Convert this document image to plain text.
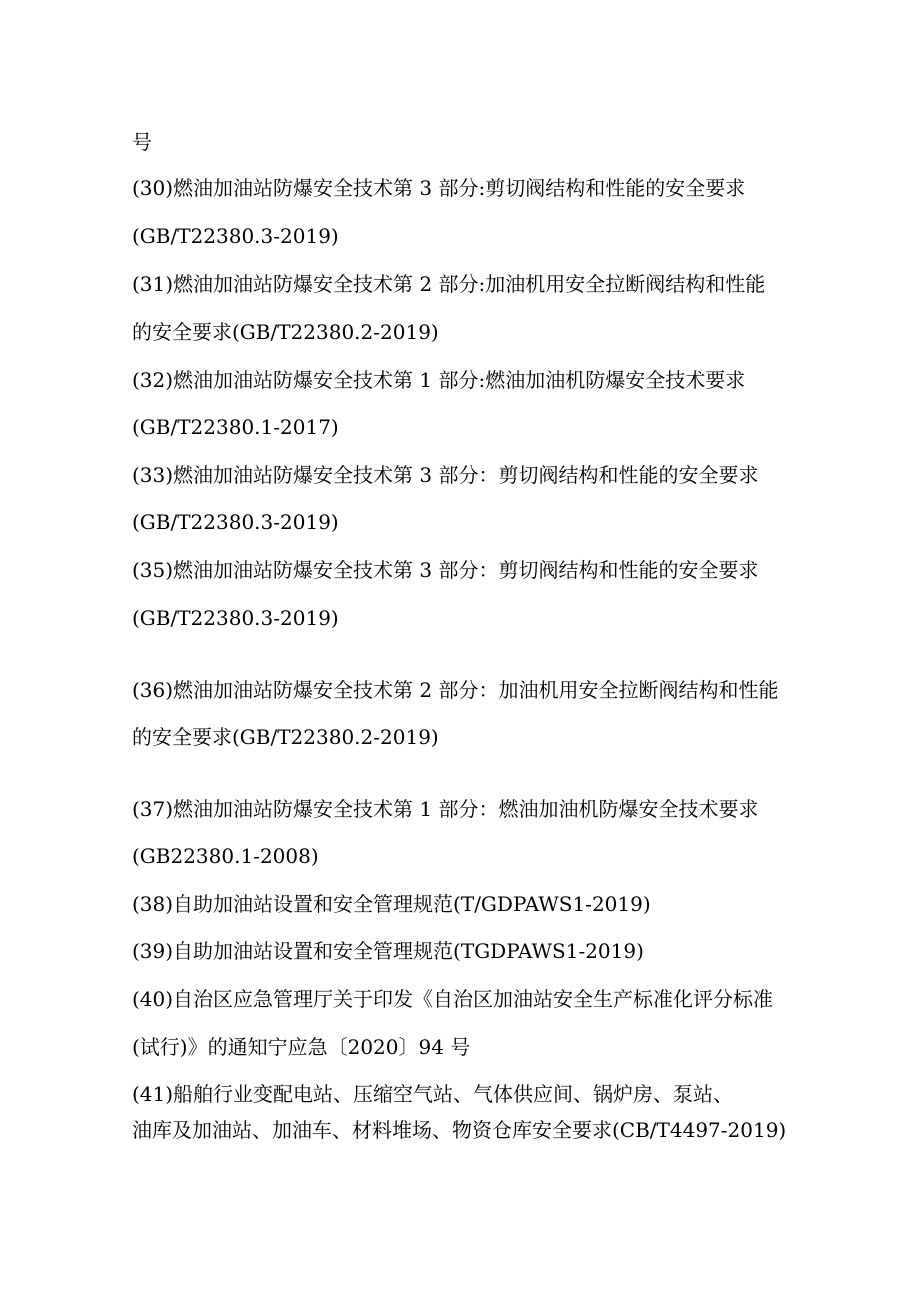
号
(30)燃油加油站防爆安全技术第 3 部分:剪切阀结构和性能的安全要求
(GB/T22380.3-2019)
(31)燃油加油站防爆安全技术第 2 部分:加油机用安全拉断阀结构和性能
的安全要求(GB/T22380.2-2019)
(32)燃油加油站防爆安全技术第 1 部分:燃油加油机防爆安全技术要求
(GB/T22380.1-2017)
(33)燃油加油站防爆安全技术第 3 部分：剪切阀结构和性能的安全要求
(GB/T22380.3-2019)
(35)燃油加油站防爆安全技术第 3 部分：剪切阀结构和性能的安全要求
(GB/T22380.3-2019)
(36)燃油加油站防爆安全技术第 2 部分：加油机用安全拉断阀结构和性能
的安全要求(GB/T22380.2-2019)
(37)燃油加油站防爆安全技术第 1 部分：燃油加油机防爆安全技术要求
(GB22380.1-2008)
(38)自助加油站设置和安全管理规范(T/GDPAWS1-2019)
(39)自助加油站设置和安全管理规范(TGDPAWS1-2019)
(40)自治区应急管理厅关于印发《自治区加油站安全生产标准化评分标准
(试行)》的通知宁应急〔2020〕94 号
(41)船舶行业变配电站、压缩空气站、气体供应间、锅炉房、泵站、
油库及加油站、加油车、材料堆场、物资仓库安全要求(CB/T4497-2019)
